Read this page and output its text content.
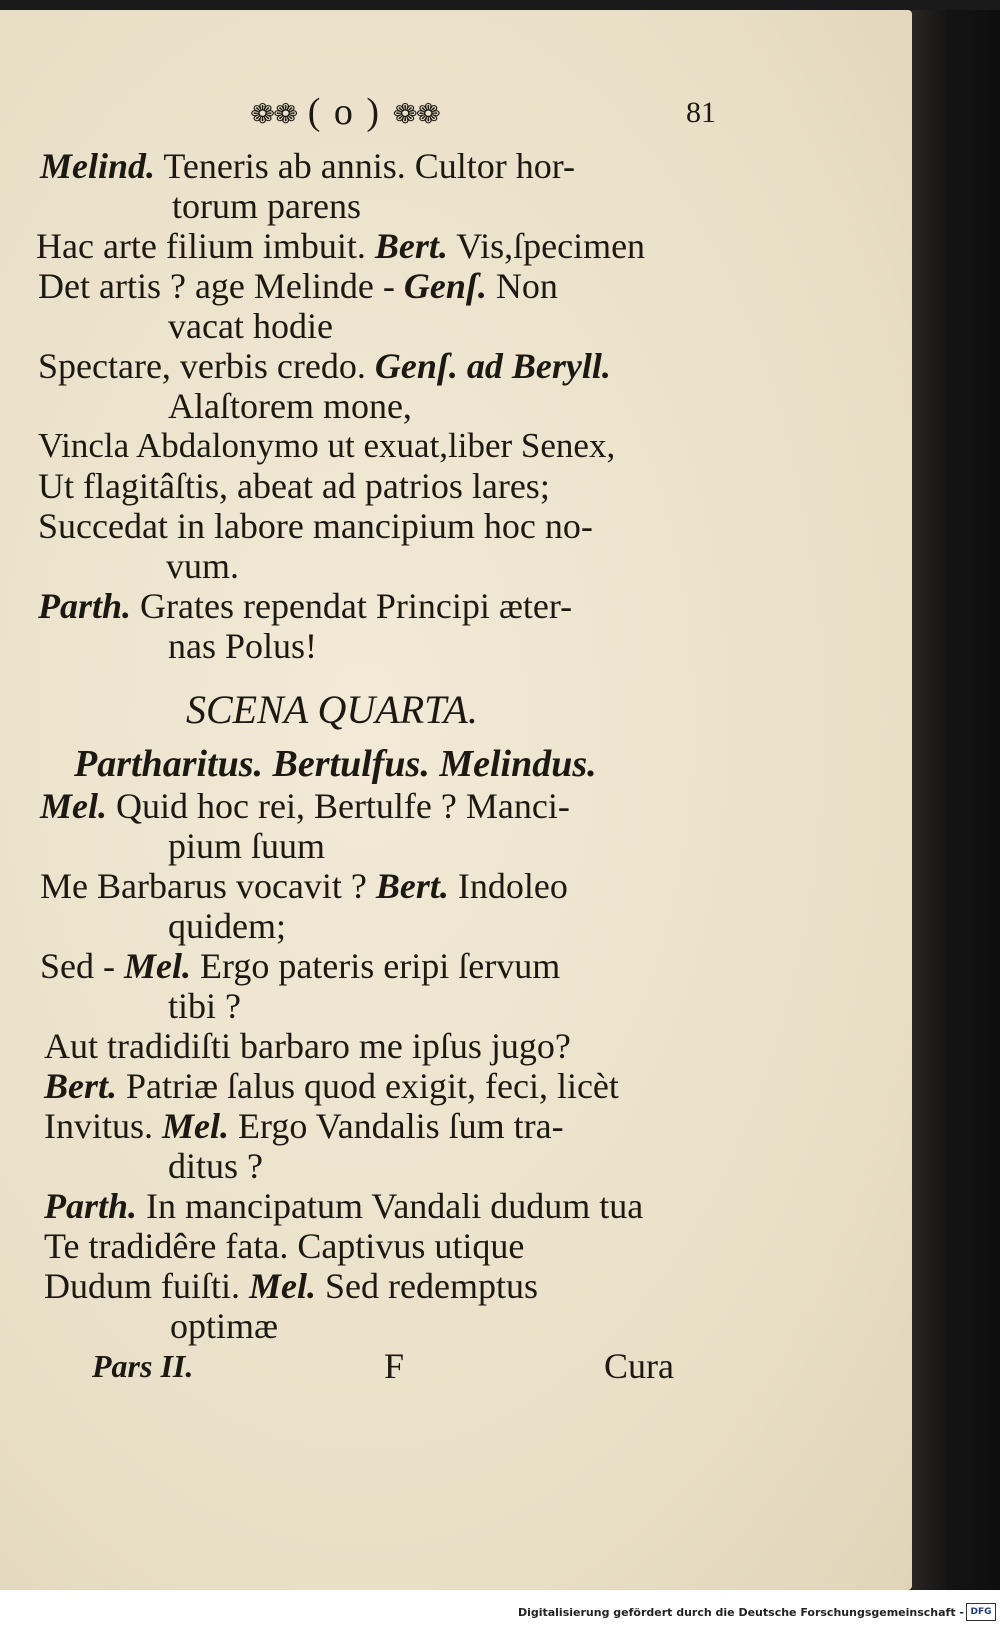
❁❁ ( o ) ❁❁	81
Melind. Teneris ab annis. Cultor hor-
torum parens
Hac arte filium imbuit. Bert. Vis,ſpecimen
Det artis ? age Melinde - Genſ. Non
vacat hodie
Spectare, verbis credo. Genſ. ad Beryll.
Alaſtorem mone,
Vincla Abdalonymo ut exuat,liber Senex,
Ut flagitâſtis, abeat ad patrios lares;
Succedat in labore mancipium hoc no-
vum.
Parth. Grates rependat Principi æter-
nas Polus!
SCENA QUARTA.
Partharitus. Bertulfus. Melindus.
Mel. Quid hoc rei, Bertulfe ? Manci-
pium ſuum
Me Barbarus vocavit ? Bert. Indoleo
quidem;
Sed - Mel. Ergo pateris eripi ſervum
tibi ?
Aut tradidiſti barbaro me ipſus jugo?
Bert. Patriæ ſalus quod exigit, feci, licèt
Invitus. Mel. Ergo Vandalis ſum tra-
ditus ?
Parth. In mancipatum Vandali dudum tua
Te tradidêre fata. Captivus utique
Dudum fuiſti. Mel. Sed redemptus
optimæ
Pars II.	F	Cura
Digitalisierung gefördert durch die Deutsche Forschungsgemeinschaft - DFG
